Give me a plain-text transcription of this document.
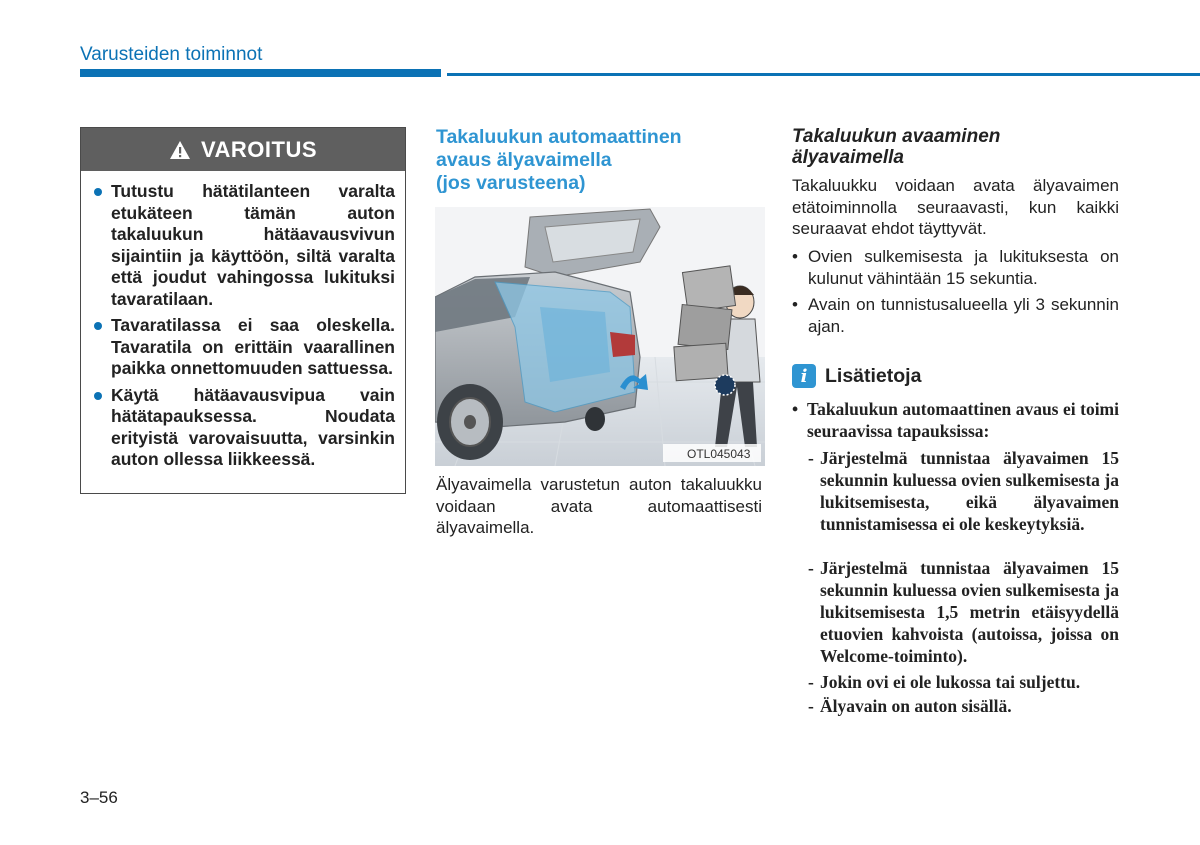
Varusteiden toiminnot
VAROITUS
Tutustu hätätilanteen varalta etukäteen tämän auton takaluukun hätäavausvivun sijaintiin ja käyttöön, siltä varalta että joudut vahingossa lukituksi tavaratilaan.
Tavaratilassa ei saa oleskella. Tavaratila on erittäin vaarallinen paikka onnettomuuden sattuessa.
Käytä hätäavausvipua vain hätätapauksessa. Noudata erityistä varovaisuutta, varsinkin auton ollessa liikkeessä.
Takaluukun automaattinen
avaus älyavaimella
(jos varusteena)
OTL045043
Älyavaimella varustetun auton takaluukku voidaan avata automaattisesti älyavaimella.
Takaluukun avaaminen
älyavaimella
Takaluukku voidaan avata älyavaimen etätoiminnolla seuraavasti, kun kaikki seuraavat ehdot täyttyvät.
• Ovien sulkemisesta ja lukituksesta on kulunut vähintään 15 sekuntia.
• Avain on tunnistusalueella yli 3 sekunnin ajan.
i Lisätietoja
• Takaluukun automaattinen avaus ei toimi seuraavissa tapauksissa:
- Järjestelmä tunnistaa älyavaimen 15 sekunnin kuluessa ovien sulkemisesta ja lukitsemisesta, eikä älyavaimen tunnistamisessa ei ole keskeytyksiä.
- Järjestelmä tunnistaa älyavaimen 15 sekunnin kuluessa ovien sulkemisesta ja lukitsemisesta 1,5 metrin etäisyydellä etuovien kahvoista (autoissa, joissa on Welcome-toiminto).
- Jokin ovi ei ole lukossa tai suljettu.
- Älyavain on auton sisällä.
3–56
